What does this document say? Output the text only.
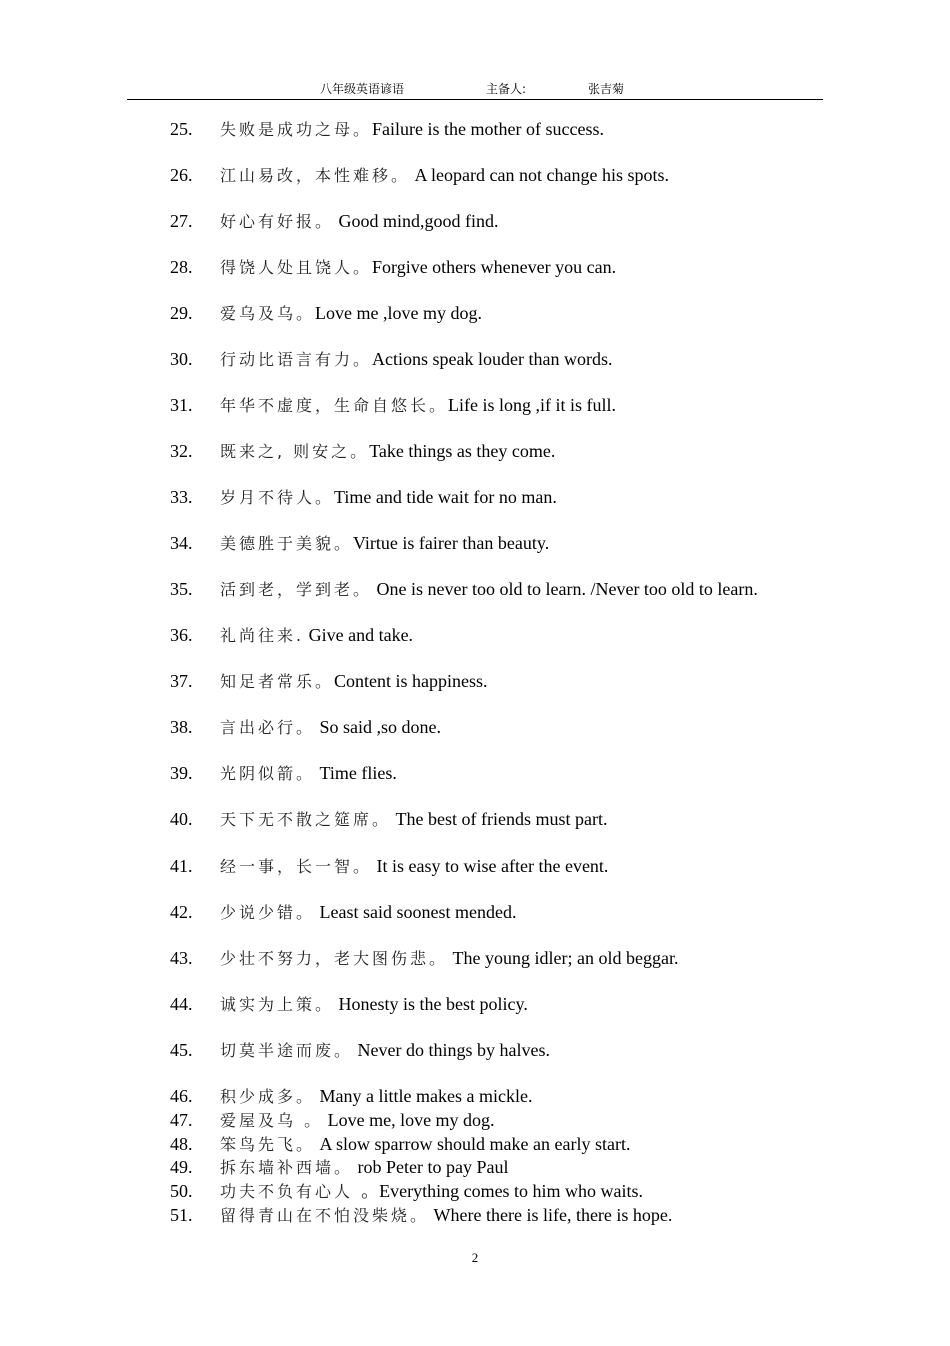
八年级英语谚语	主备人:	张吉菊
25. 失败是成功之母。Failure is the mother of success.
26. 江山易改，本性难移。 A leopard can not change his spots.
27. 好心有好报。 Good mind,good find.
28. 得饶人处且饶人。Forgive others whenever you can.
29. 爱乌及乌。Love me ,love my dog.
30. 行动比语言有力。Actions speak louder than words.
31. 年华不虚度，生命自悠长。Life is long ,if it is full.
32. 既来之, 则安之。Take things as they come.
33. 岁月不待人。Time and tide wait for no man.
34. 美德胜于美貌。Virtue is fairer than beauty.
35. 活到老，学到老。 One is never too old to learn. /Never too old to learn.
36. 礼尚往来. Give and take.
37. 知足者常乐。Content is happiness.
38. 言出必行。 So said ,so done.
39. 光阴似箭。 Time flies.
40. 天下无不散之筵席。 The best of friends must part.
41. 经一事，长一智。 It is easy to wise after the event.
42. 少说少错。 Least said soonest mended.
43. 少壮不努力，老大图伤悲。 The young idler; an old beggar.
44. 诚实为上策。 Honesty is the best policy.
45. 切莫半途而废。 Never do things by halves.
46. 积少成多。 Many a little makes a mickle.
47. 爱屋及乌 。 Love me, love my dog.
48. 笨鸟先飞。 A slow sparrow should make an early start.
49. 拆东墙补西墙。 rob Peter to pay Paul
50. 功夫不负有心人 。Everything comes to him who waits.
51. 留得青山在不怕没柴烧。 Where there is life, there is hope.
2
